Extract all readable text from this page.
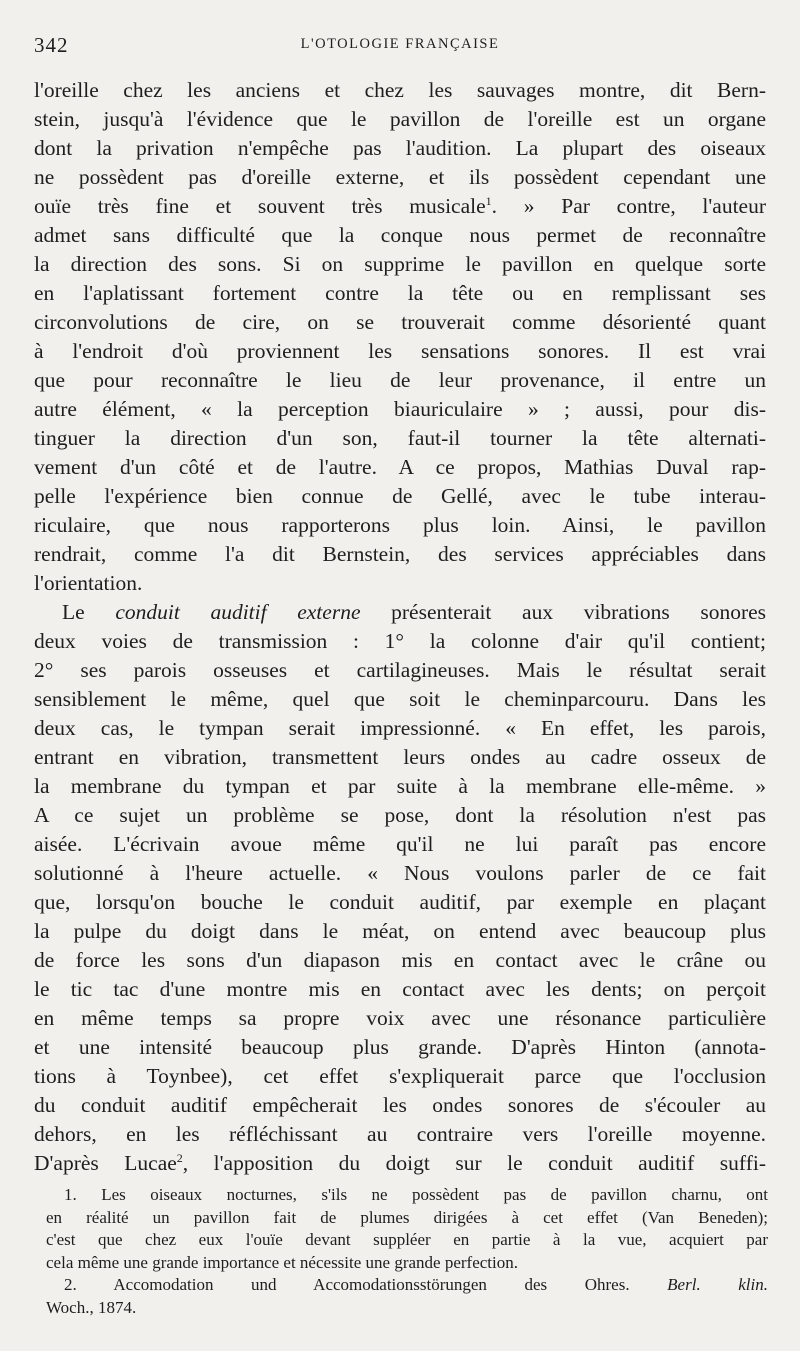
342	L'OTOLOGIE FRANÇAISE
l'oreille chez les anciens et chez les sauvages montre, dit Bern-
stein, jusqu'à l'évidence que le pavillon de l'oreille est un organe
dont la privation n'empêche pas l'audition. La plupart des oiseaux
ne possèdent pas d'oreille externe, et ils possèdent cependant une
ouïe très fine et souvent très musicale$^1$. » Par contre, l'auteur
admet sans difficulté que la conque nous permet de reconnaître
la direction des sons. Si on supprime le pavillon en quelque sorte
en l'aplatissant fortement contre la tête ou en remplissant ses
circonvolutions de cire, on se trouverait comme désorienté quant
à l'endroit d'où proviennent les sensations sonores. Il est vrai
que pour reconnaître le lieu de leur provenance, il entre un
autre élément, « la perception biauriculaire » ; aussi, pour dis-
tinguer la direction d'un son, faut-il tourner la tête alternati-
vement d'un côté et de l'autre. A ce propos, Mathias Duval rap-
pelle l'expérience bien connue de Gellé, avec le tube interau-
riculaire, que nous rapporterons plus loin. Ainsi, le pavillon
rendrait, comme l'a dit Bernstein, des services appréciables dans
l'orientation.
Le conduit auditif externe présenterait aux vibrations sonores
deux voies de transmission : 1° la colonne d'air qu'il contient;
2° ses parois osseuses et cartilagineuses. Mais le résultat serait
sensiblement le même, quel que soit le cheminparcouru. Dans les
deux cas, le tympan serait impressionné. « En effet, les parois,
entrant en vibration, transmettent leurs ondes au cadre osseux de
la membrane du tympan et par suite à la membrane elle-même. »
A ce sujet un problème se pose, dont la résolution n'est pas
aisée. L'écrivain avoue même qu'il ne lui paraît pas encore
solutionné à l'heure actuelle. « Nous voulons parler de ce fait
que, lorsqu'on bouche le conduit auditif, par exemple en plaçant
la pulpe du doigt dans le méat, on entend avec beaucoup plus
de force les sons d'un diapason mis en contact avec le crâne ou
le tic tac d'une montre mis en contact avec les dents; on perçoit
en même temps sa propre voix avec une résonance particulière
et une intensité beaucoup plus grande. D'après Hinton (annota-
tions à Toynbee), cet effet s'expliquerait parce que l'occlusion
du conduit auditif empêcherait les ondes sonores de s'écouler au
dehors, en les réfléchissant au contraire vers l'oreille moyenne.
D'après Lucae$^2$, l'apposition du doigt sur le conduit auditif suffi-
1. Les oiseaux nocturnes, s'ils ne possèdent pas de pavillon charnu, ont
en réalité un pavillon fait de plumes dirigées à cet effet (Van Beneden);
c'est que chez eux l'ouïe devant suppléer en partie à la vue, acquiert par
cela même une grande importance et nécessite une grande perfection.
2. Accomodation und Accomodationsstörungen des Ohres. Berl. klin.
Woch., 1874.
